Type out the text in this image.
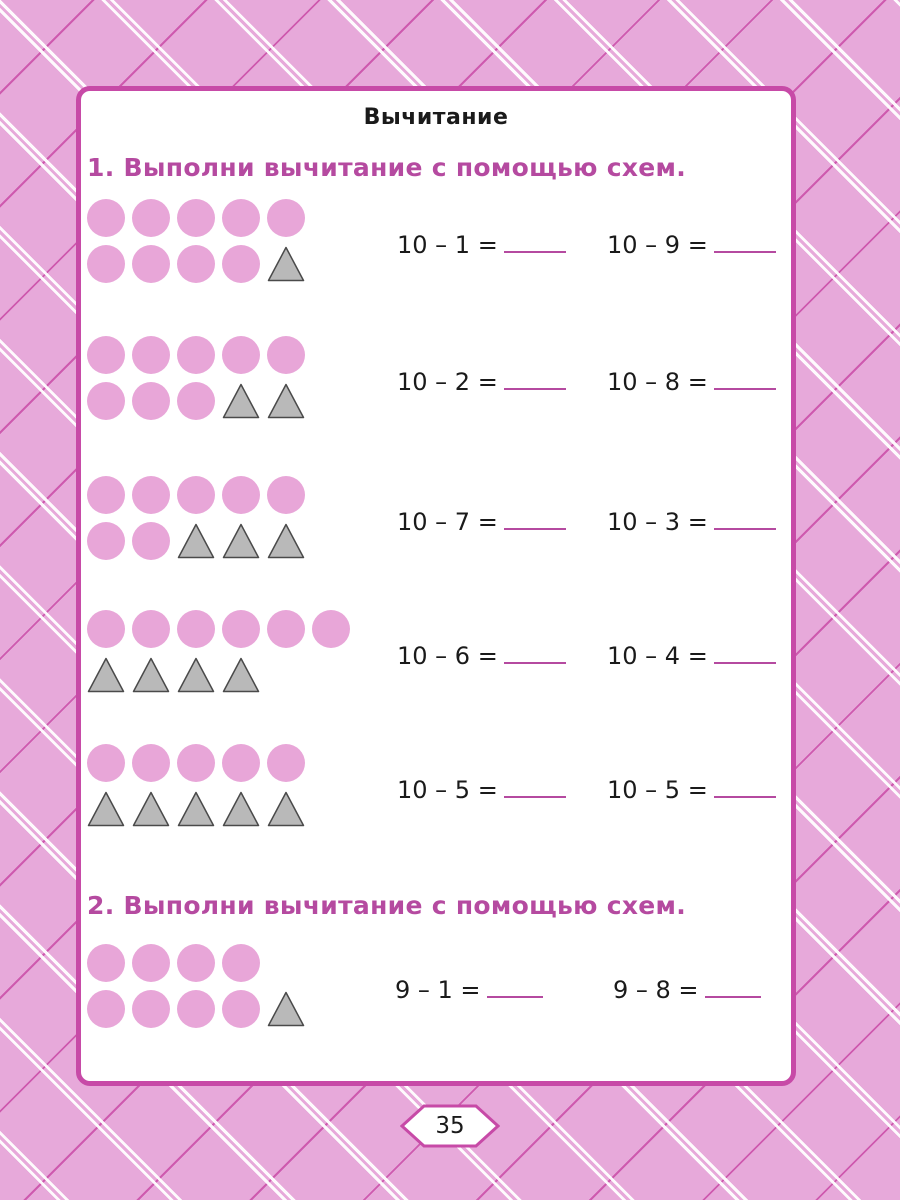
Вычитание
1. Выполни вычитание с помощью схем.
10 – 1 =	10 – 9 =
10 – 2 =	10 – 8 =
10 – 7 =	10 – 3 =
10 – 6 =	10 – 4 =
10 – 5 =	10 – 5 =
2. Выполни вычитание с помощью схем.
9 – 1 =	9 – 8 =
35
